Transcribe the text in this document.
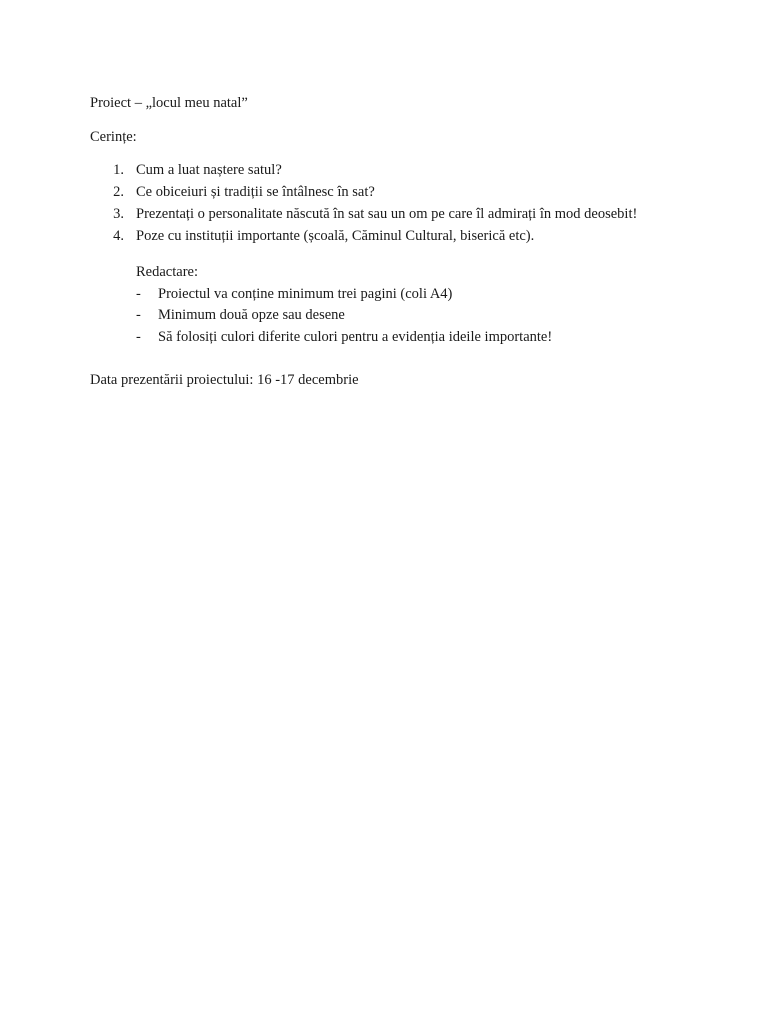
Proiect – „locul meu natal”
Cerințe:
1. Cum a luat naștere satul?
2. Ce obiceiuri și tradiții se întâlnesc în sat?
3. Prezentați o personalitate născută în sat sau un om pe care îl admirați în mod deosebit!
4. Poze cu instituții importante (școală, Căminul Cultural, biserică etc).
Redactare:
- Proiectul va conține minimum trei pagini (coli A4)
- Minimum două opze sau desene
- Să folosiți culori diferite culori pentru a evidenția ideile importante!
Data prezentării proiectului: 16 -17 decembrie
